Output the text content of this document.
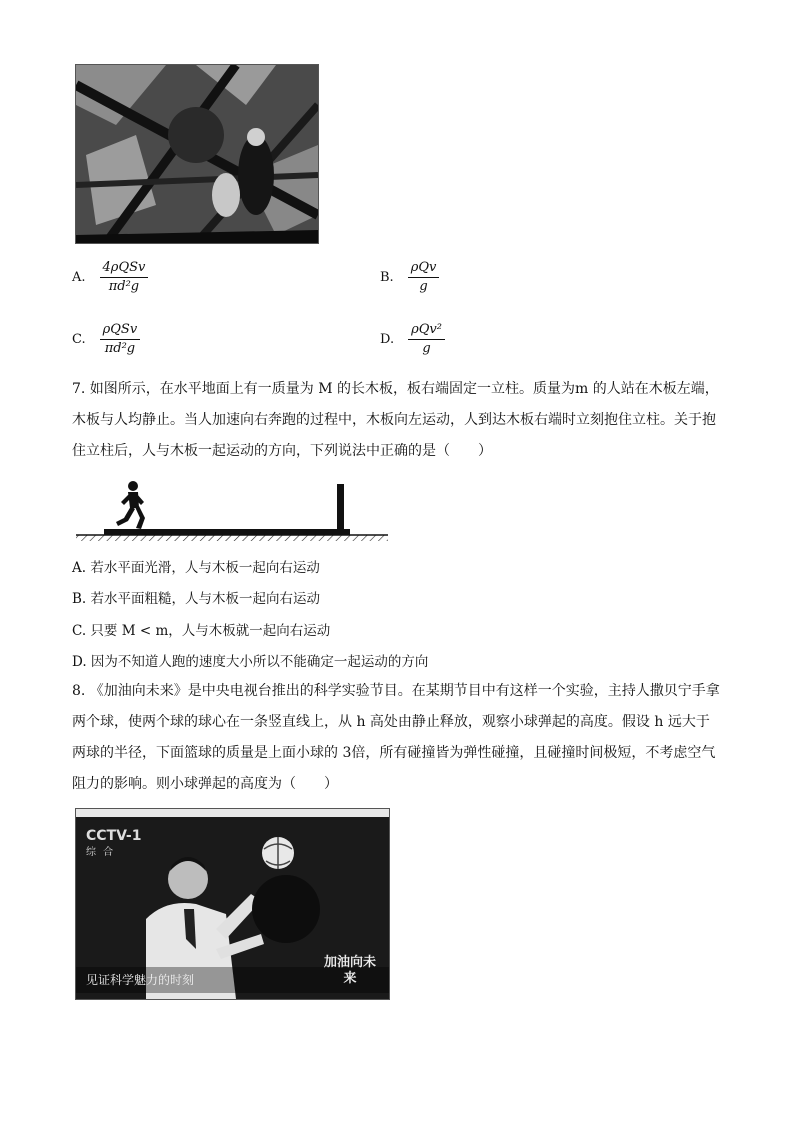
A. $\frac{\text{4ρQSv}}{\text{πd²g}}$	B. $\frac{\text{ρQv}}{g}$
C. $\frac{\text{ρQSv}}{\text{πd²g}}$	D. $\frac{\text{ρQv²}}{g}$

7. 如图所示，在水平地面上有一质量为 M 的长木板，板右端固定一立柱。质量为m 的人站在木板左端，木板与人均静止。当人加速向右奔跑的过程中，木板向左运动，人到达木板右端时立刻抱住立柱。关于抱住立柱后，人与木板一起运动的方向，下列说法中正确的是（　　）

A. 若水平面光滑，人与木板一起向右运动

B. 若水平面粗糙，人与木板一起向右运动

C. 只要 M < m，人与木板就一起向右运动

D. 因为不知道人跑的速度大小所以不能确定一起运动的方向

8. 《加油向未来》是中央电视台推出的科学实验节目。在某期节目中有这样一个实验，主持人撒贝宁手拿两个球，使两个球的球心在一条竖直线上，从 h 高处由静止释放，观察小球弹起的高度。假设 h 远大于两球的半径，下面篮球的质量是上面小球的 3倍，所有碰撞皆为弹性碰撞，且碰撞时间极短，不考虑空气阻力的影响。则小球弹起的高度为（　　）

CCTV-1
综 合
见证科学魅力的时刻
加油向未来
